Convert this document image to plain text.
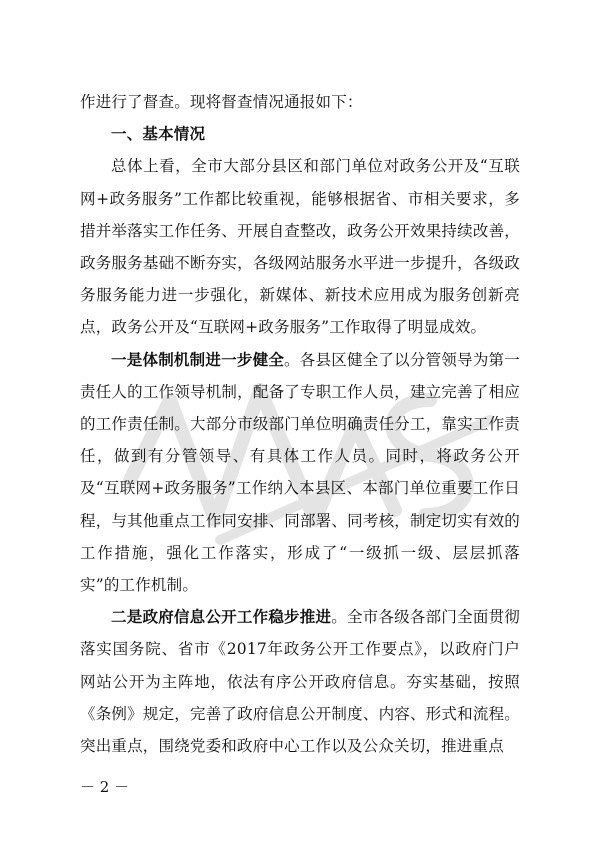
作进行了督查。现将督查情况通报如下：

一、基本情况

总体上看，全市大部分县区和部门单位对政务公开及“互联网+政务服务”工作都比较重视，能够根据省、市相关要求，多措并举落实工作任务、开展自查整改，政务公开效果持续改善，政务服务基础不断夯实，各级网站服务水平进一步提升，各级政务服务能力进一步强化，新媒体、新技术应用成为服务创新亮点，政务公开及“互联网+政务服务”工作取得了明显成效。

一是体制机制进一步健全。各县区健全了以分管领导为第一责任人的工作领导机制，配备了专职工作人员，建立完善了相应的工作责任制。大部分市级部门单位明确责任分工，靠实工作责任，做到有分管领导、有具体工作人员。同时，将政务公开及“互联网+政务服务”工作纳入本县区、本部门单位重要工作日程，与其他重点工作同安排、同部署、同考核，制定切实有效的工作措施，强化工作落实，形成了“一级抓一级、层层抓落实”的工作机制。

二是政府信息公开工作稳步推进。全市各级各部门全面贯彻落实国务院、省市《2017年政务公开工作要点》，以政府门户网站公开为主阵地，依法有序公开政府信息。夯实基础，按照《条例》规定，完善了政府信息公开制度、内容、形式和流程。突出重点，围绕党委和政府中心工作以及公众关切，推进重点

－ 2 －
